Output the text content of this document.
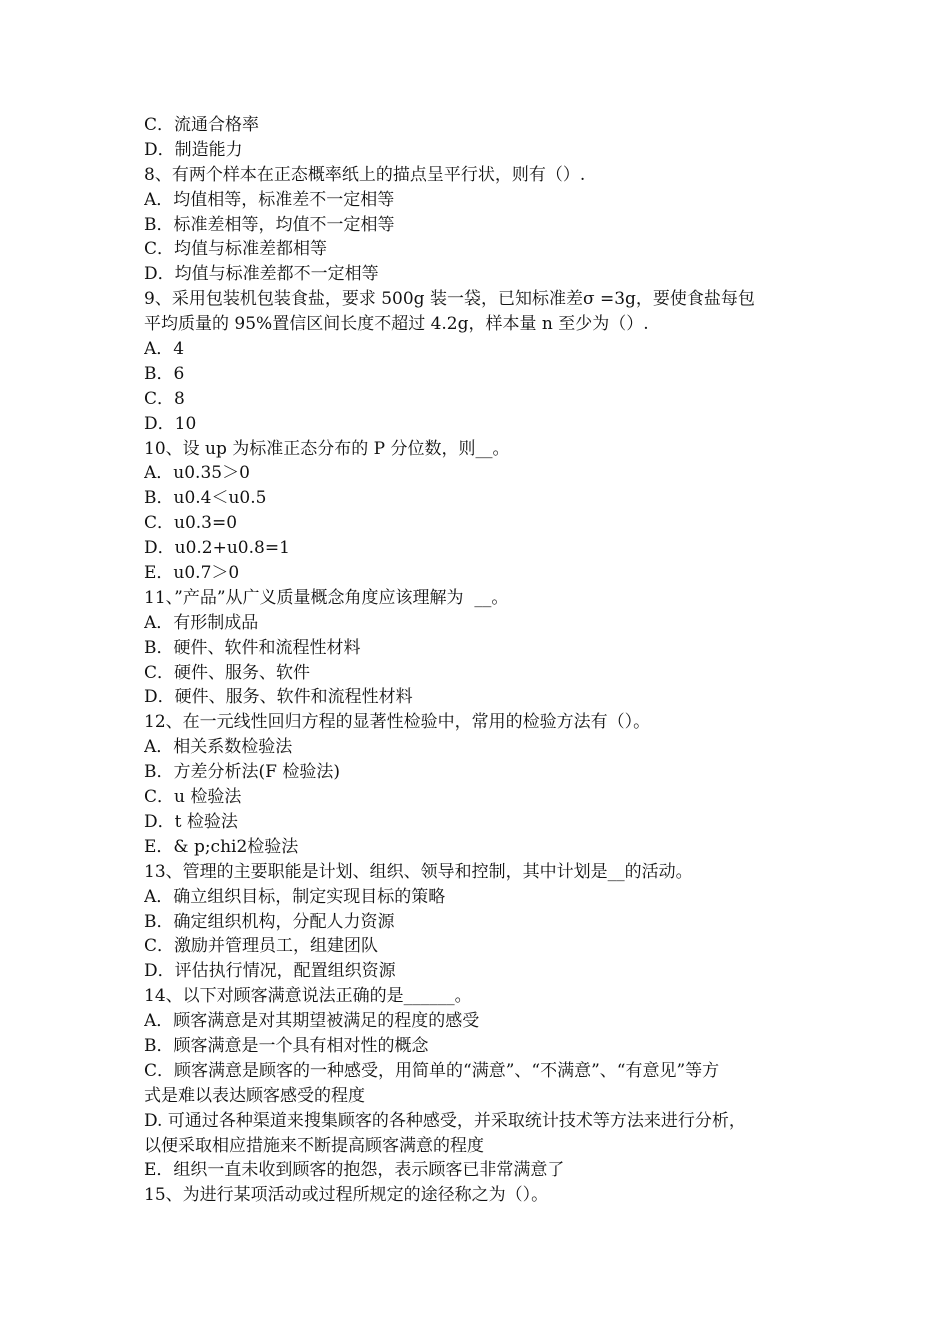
C．流通合格率
D．制造能力
8、有两个样本在正态概率纸上的描点呈平行状，则有（）.
A．均值相等，标准差不一定相等
B．标准差相等，均值不一定相等
C．均值与标准差都相等
D．均值与标准差都不一定相等
9、采用包装机包装食盐，要求 500g 装一袋，已知标准差σ =3g，要使食盐每包
平均质量的 95%置信区间长度不超过 4.2g，样本量 n 至少为（）.
A．4
B．6
C．8
D．10
10、设 up 为标准正态分布的 P 分位数，则__。
A．u0.35＞0
B．u0.4＜u0.5
C．u0.3=0
D．u0.2+u0.8=1
E．u0.7＞0
11、”产品”从广义质量概念角度应该理解为  __。
A．有形制成品
B．硬件、软件和流程性材料
C．硬件、服务、软件
D．硬件、服务、软件和流程性材料
12、在一元线性回归方程的显著性检验中，常用的检验方法有（）。
A．相关系数检验法
B．方差分析法(F 检验法)
C．u 检验法
D．t 检验法
E．& p;chi2检验法
13、管理的主要职能是计划、组织、领导和控制，其中计划是__的活动。
A．确立组织目标，制定实现目标的策略
B．确定组织机构，分配人力资源
C．激励并管理员工，组建团队
D．评估执行情况，配置组织资源
14、以下对顾客满意说法正确的是______。
A．顾客满意是对其期望被满足的程度的感受
B．顾客满意是一个具有相对性的概念
C．顾客满意是顾客的一种感受，用简单的“满意”、“不满意”、“有意见”等方
式是难以表达顾客感受的程度
D. 可通过各种渠道来搜集顾客的各种感受，并采取统计技术等方法来进行分析，
以便采取相应措施来不断提高顾客满意的程度
E．组织一直未收到顾客的抱怨，表示顾客已非常满意了
15、为进行某项活动或过程所规定的途径称之为（）。
